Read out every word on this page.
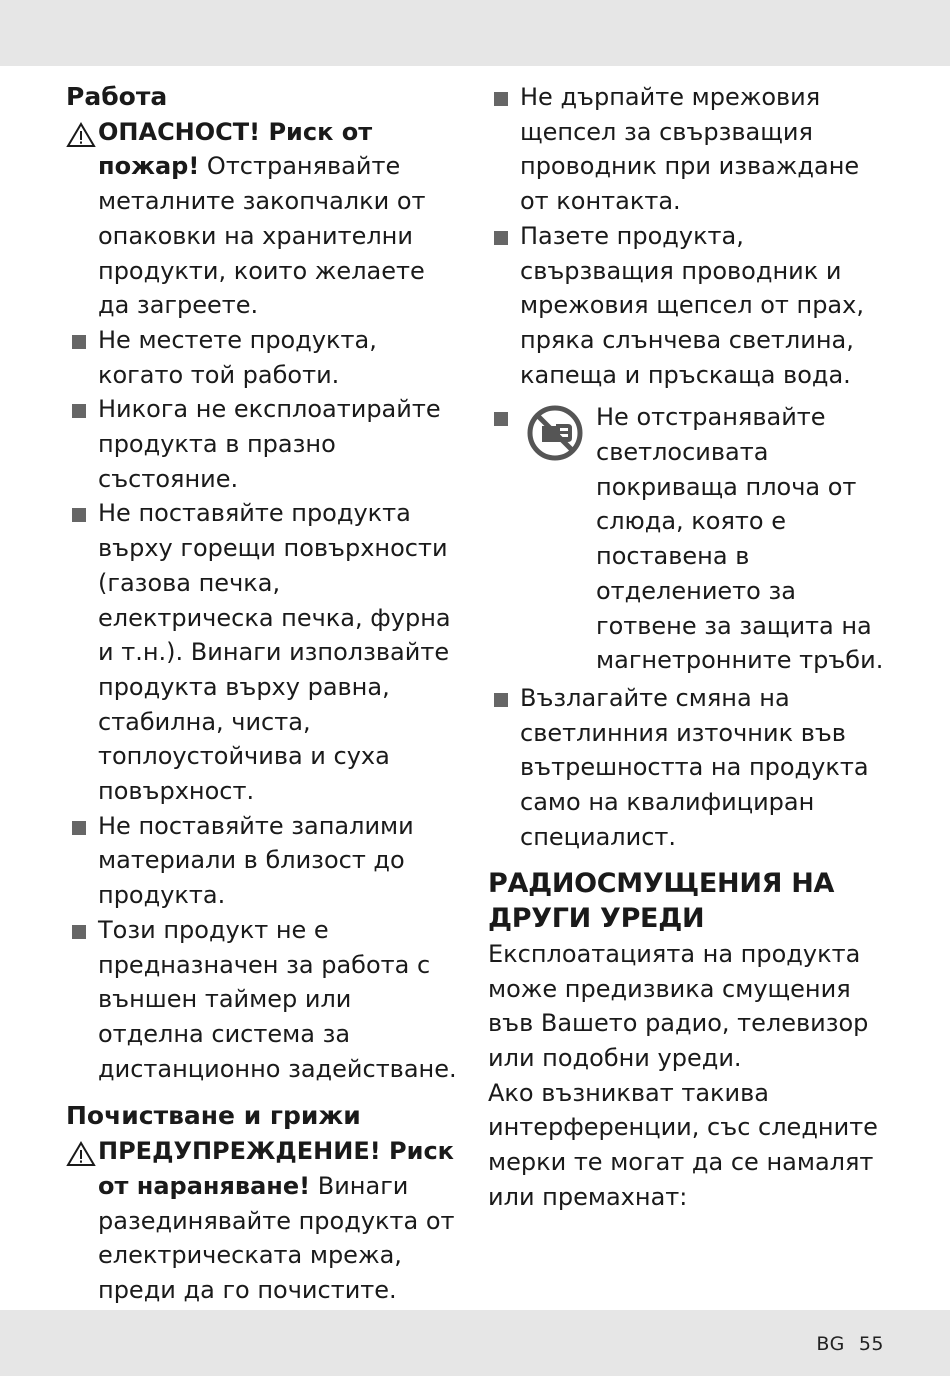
Работа

ОПАСНОСТ! Риск от пожар! Отстранявайте металните закопчалки от опаковки на хранителни продукти, които желаете да загреете.

Не местете продукта, когато той работи.

Никога не експлоатирайте продукта в празно състояние.

Не поставяйте продукта върху горещи повърхности (газова печка, електрическа печка, фурна и т.н.). Винаги използвайте продукта върху равна, стабилна, чиста, топлоустойчива и суха повърхност.

Не поставяйте запалими материали в близост до продукта.

Този продукт не е предназначен за работа с външен таймер или отделна система за дистанционно задействане.

Почистване и грижи

ПРЕДУПРЕЖДЕНИЕ! Риск от нараняване! Винаги разединявайте продукта от електрическата мрежа, преди да го почистите.

Не дърпайте мрежовия щепсел за свързващия проводник при изваждане от контакта.

Пазете продукта, свързващия проводник и мрежовия щепсел от прах, пряка слънчева светлина, капеща и пръскаща вода.

Не отстранявайте светлосивата покриваща плоча от слюда, която е поставена в отделението за готвене за защита на магнетронните тръби.

Възлагайте смяна на светлинния източник във вътрешността на продукта само на квалифициран специалист.

РАДИОСМУЩЕНИЯ НА ДРУГИ УРЕДИ

Експлоатацията на продукта може предизвика смущения във Вашето радио, телевизор или подобни уреди.

Ако възникват такива интерференции, със следните мерки те могат да се намалят или премахнат:

BG 55
